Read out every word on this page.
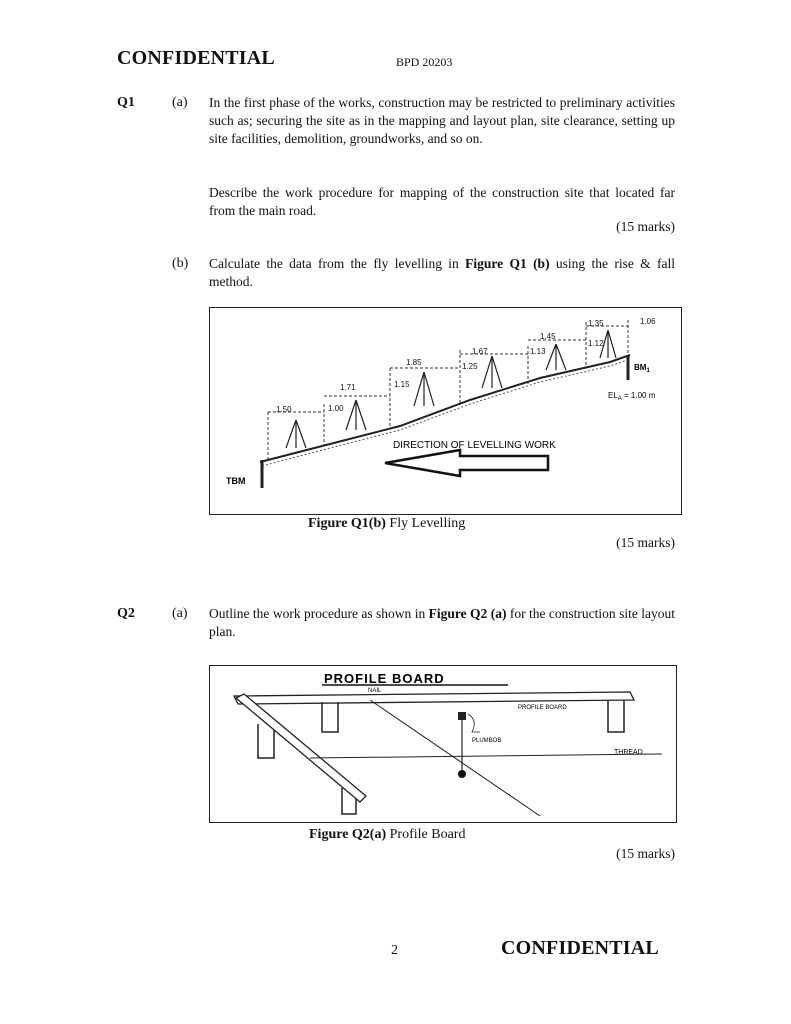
CONFIDENTIAL	BPD 20203
Q1	(a) In the first phase of the works, construction may be restricted to preliminary activities such as; securing the site as in the mapping and layout plan, site clearance, setting up site facilities, demolition, groundworks, and so on.
Describe the work procedure for mapping of the construction site that located far from the main road.
(15 marks)
(b) Calculate the data from the fly levelling in Figure Q1 (b) using the rise & fall method.
1.50	1.00
1.71	1.15
1.85	1.25
1.67	1.13
1.45
1.12
1.35	1.06
$BM_1$
$EL_A = 1.00$ m
TBM
DIRECTION OF LEVELLING WORK
Figure Q1(b) Fly Levelling
(15 marks)
Q2	(a) Outline the work procedure as shown in Figure Q2 (a) for the construction site layout plan.
PROFILE BOARD
NAIL
PROFILE BOARD
PLUMBOB
THREAD
Figure Q2(a) Profile Board
(15 marks)
2	CONFIDENTIAL
